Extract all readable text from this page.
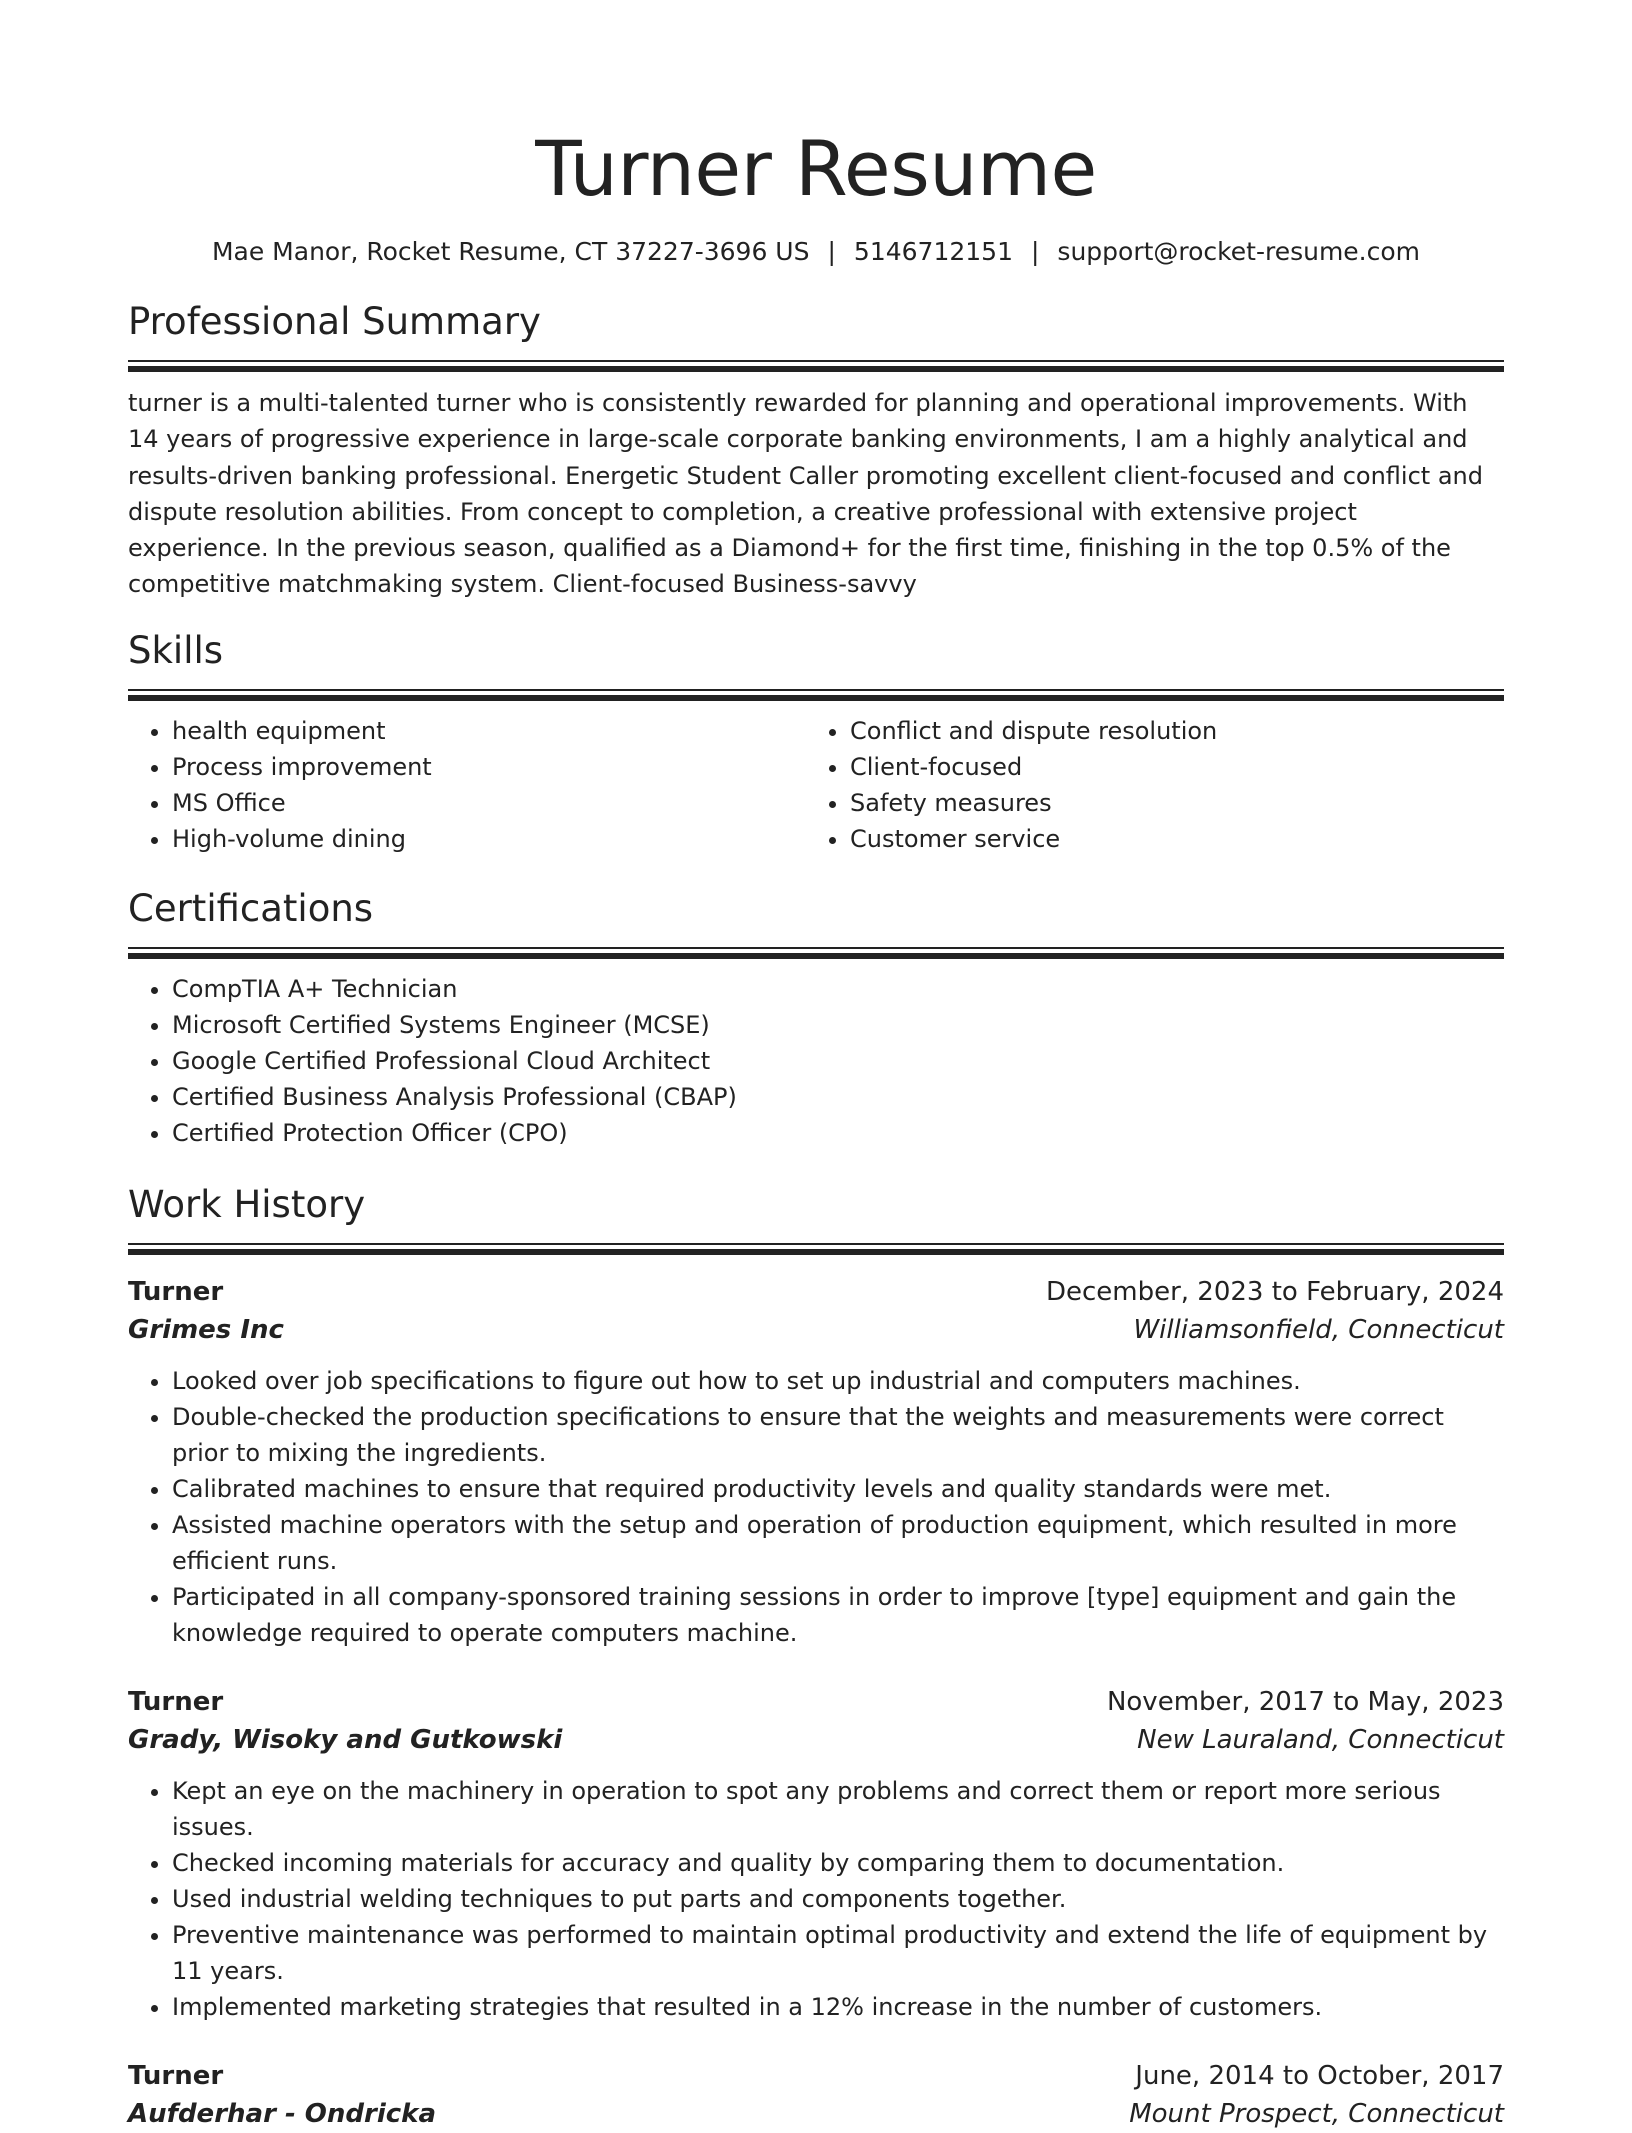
Turner Resume
Mae Manor, Rocket Resume, CT 37227-3696 US | 5146712151 | support@rocket-resume.com
Professional Summary
turner is a multi-talented turner who is consistently rewarded for planning and operational improvements. With 14 years of progressive experience in large-scale corporate banking environments, I am a highly analytical and results-driven banking professional. Energetic Student Caller promoting excellent client-focused and conflict and dispute resolution abilities. From concept to completion, a creative professional with extensive project experience. In the previous season, qualified as a Diamond+ for the first time, finishing in the top 0.5% of the competitive matchmaking system. Client-focused Business-savvy
Skills
• health equipment
• Process improvement
• MS Office
• High-volume dining
• Conflict and dispute resolution
• Client-focused
• Safety measures
• Customer service
Certifications
• CompTIA A+ Technician
• Microsoft Certified Systems Engineer (MCSE)
• Google Certified Professional Cloud Architect
• Certified Business Analysis Professional (CBAP)
• Certified Protection Officer (CPO)
Work History
Turner	December, 2023 to February, 2024
Grimes Inc	Williamsonfield, Connecticut
• Looked over job specifications to figure out how to set up industrial and computers machines.
• Double-checked the production specifications to ensure that the weights and measurements were correct prior to mixing the ingredients.
• Calibrated machines to ensure that required productivity levels and quality standards were met.
• Assisted machine operators with the setup and operation of production equipment, which resulted in more efficient runs.
• Participated in all company-sponsored training sessions in order to improve [type] equipment and gain the knowledge required to operate computers machine.
Turner	November, 2017 to May, 2023
Grady, Wisoky and Gutkowski	New Lauraland, Connecticut
• Kept an eye on the machinery in operation to spot any problems and correct them or report more serious issues.
• Checked incoming materials for accuracy and quality by comparing them to documentation.
• Used industrial welding techniques to put parts and components together.
• Preventive maintenance was performed to maintain optimal productivity and extend the life of equipment by 11 years.
• Implemented marketing strategies that resulted in a 12% increase in the number of customers.
Turner	June, 2014 to October, 2017
Aufderhar - Ondricka	Mount Prospect, Connecticut
